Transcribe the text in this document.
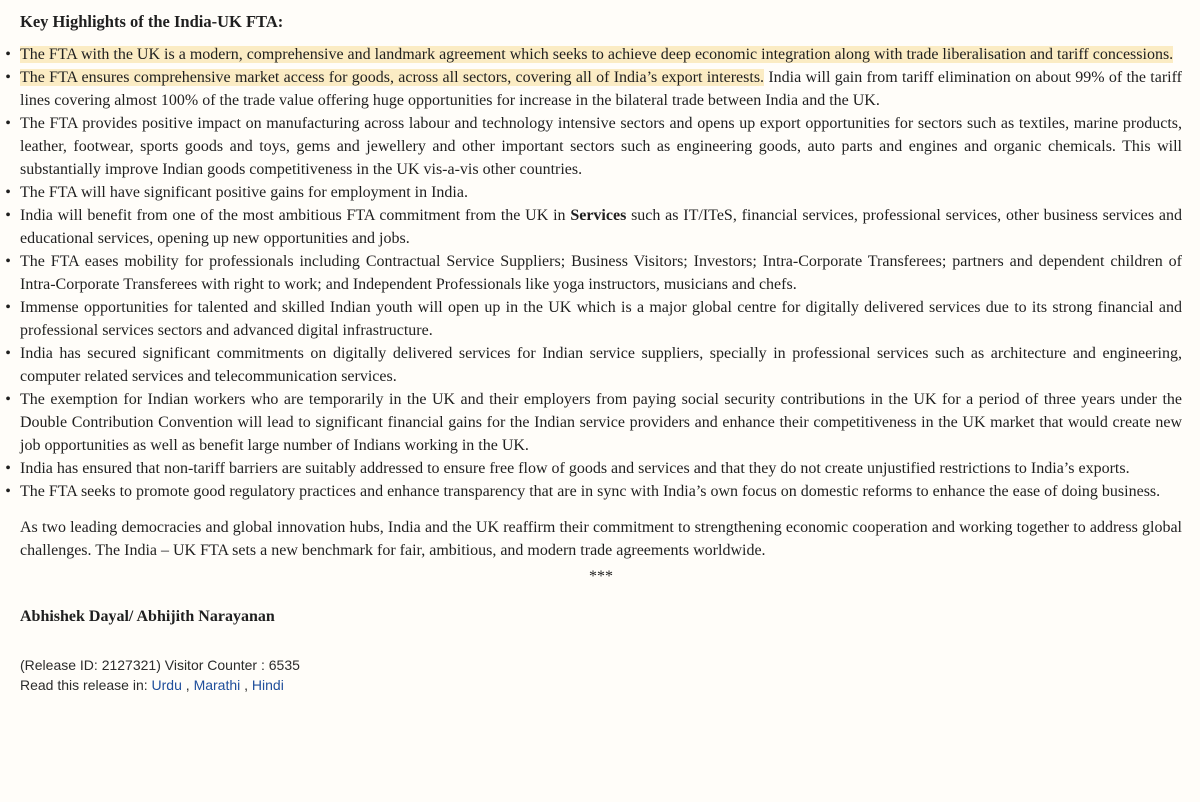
Key Highlights of the India-UK FTA:
• The FTA with the UK is a modern, comprehensive and landmark agreement which seeks to achieve deep economic integration along with trade liberalisation and tariff concessions.
• The FTA ensures comprehensive market access for goods, across all sectors, covering all of India’s export interests. India will gain from tariff elimination on about 99% of the tariff lines covering almost 100% of the trade value offering huge opportunities for increase in the bilateral trade between India and the UK.
• The FTA provides positive impact on manufacturing across labour and technology intensive sectors and opens up export opportunities for sectors such as textiles, marine products, leather, footwear, sports goods and toys, gems and jewellery and other important sectors such as engineering goods, auto parts and engines and organic chemicals. This will substantially improve Indian goods competitiveness in the UK vis-a-vis other countries.
• The FTA will have significant positive gains for employment in India.
• India will benefit from one of the most ambitious FTA commitment from the UK in Services such as IT/ITeS, financial services, professional services, other business services and educational services, opening up new opportunities and jobs.
• The FTA eases mobility for professionals including Contractual Service Suppliers; Business Visitors; Investors; Intra-Corporate Transferees; partners and dependent children of Intra-Corporate Transferees with right to work; and Independent Professionals like yoga instructors, musicians and chefs.
• Immense opportunities for talented and skilled Indian youth will open up in the UK which is a major global centre for digitally delivered services due to its strong financial and professional services sectors and advanced digital infrastructure.
• India has secured significant commitments on digitally delivered services for Indian service suppliers, specially in professional services such as architecture and engineering, computer related services and telecommunication services.
• The exemption for Indian workers who are temporarily in the UK and their employers from paying social security contributions in the UK for a period of three years under the Double Contribution Convention will lead to significant financial gains for the Indian service providers and enhance their competitiveness in the UK market that would create new job opportunities as well as benefit large number of Indians working in the UK.
• India has ensured that non-tariff barriers are suitably addressed to ensure free flow of goods and services and that they do not create unjustified restrictions to India’s exports.
• The FTA seeks to promote good regulatory practices and enhance transparency that are in sync with India’s own focus on domestic reforms to enhance the ease of doing business.

As two leading democracies and global innovation hubs, India and the UK reaffirm their commitment to strengthening economic cooperation and working together to address global challenges. The India – UK FTA sets a new benchmark for fair, ambitious, and modern trade agreements worldwide.

***
Abhishek Dayal/ Abhijith Narayanan
(Release ID: 2127321) Visitor Counter : 6535
Read this release in: Urdu , Marathi , Hindi
